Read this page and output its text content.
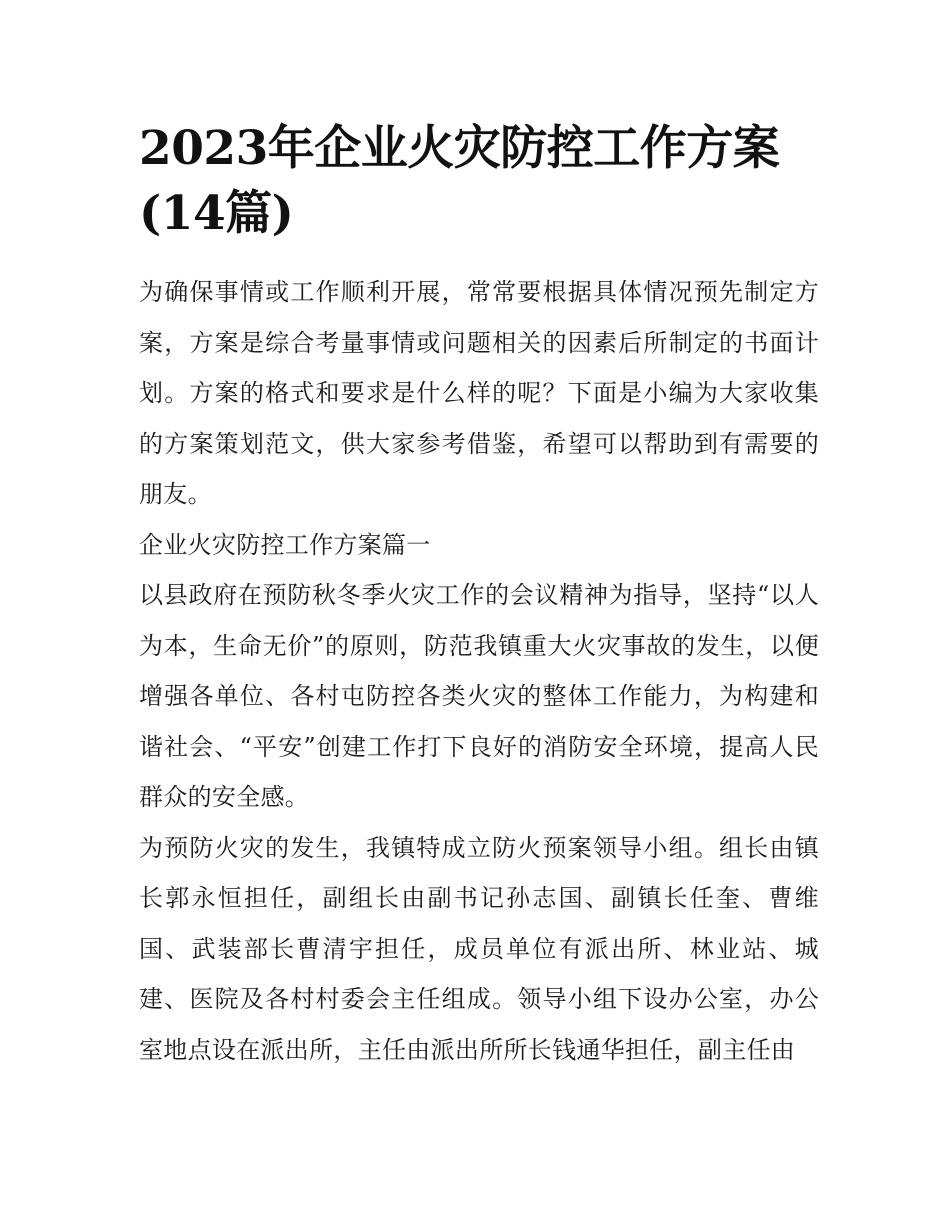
2023年企业火灾防控工作方案(14篇)

为确保事情或工作顺利开展，常常要根据具体情况预先制定方案，方案是综合考量事情或问题相关的因素后所制定的书面计划。方案的格式和要求是什么样的呢？下面是小编为大家收集的方案策划范文，供大家参考借鉴，希望可以帮助到有需要的朋友。

企业火灾防控工作方案篇一

以县政府在预防秋冬季火灾工作的会议精神为指导，坚持“以人为本，生命无价”的原则，防范我镇重大火灾事故的发生，以便增强各单位、各村屯防控各类火灾的整体工作能力，为构建和谐社会、“平安”创建工作打下良好的消防安全环境，提高人民群众的安全感。

为预防火灾的发生，我镇特成立防火预案领导小组。组长由镇长郭永恒担任，副组长由副书记孙志国、副镇长任奎、曹维国、武装部长曹清宇担任，成员单位有派出所、林业站、城建、医院及各村村委会主任组成。领导小组下设办公室，办公室地点设在派出所，主任由派出所所长钱通华担任，副主任由
